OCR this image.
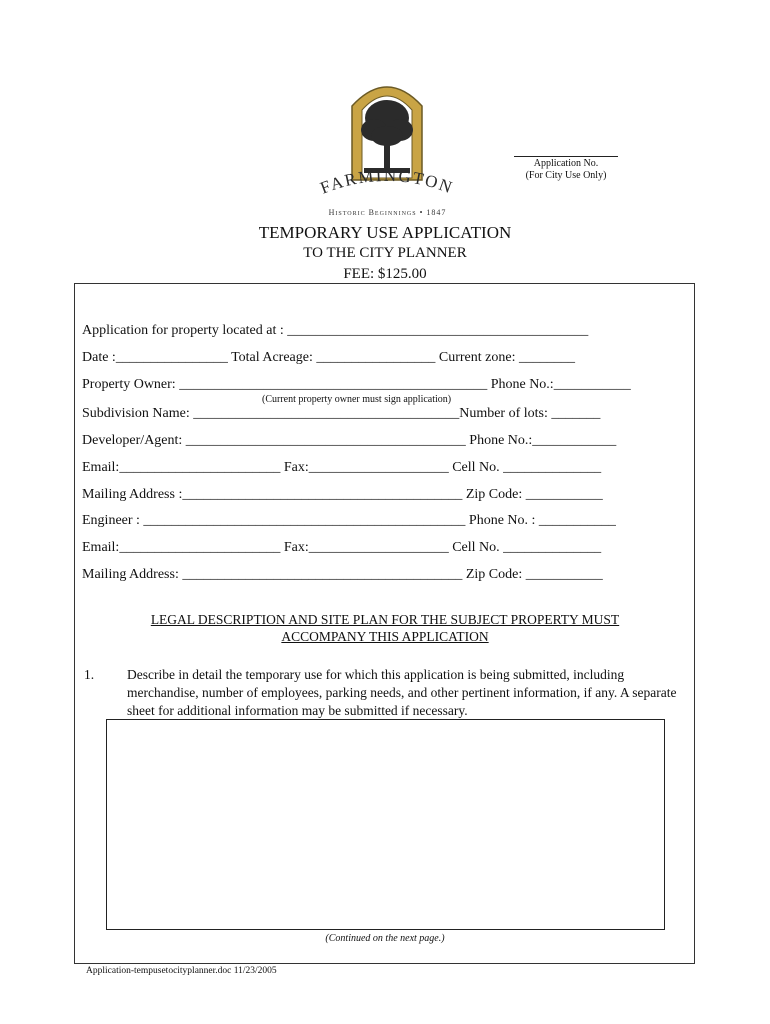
FARMINGTON
Historic Beginnings • 1847
Application No.
(For City Use Only)
TEMPORARY USE APPLICATION
TO THE CITY PLANNER
FEE: $125.00
Application for property located at : ___________________________________________
Date :________________ Total Acreage: _________________ Current zone: ________
Property Owner: ____________________________________________ Phone No.:___________
(Current property owner must sign application)
Subdivision Name: ______________________________________Number of lots: _______
Developer/Agent: ________________________________________ Phone No.:____________
Email:_______________________ Fax:____________________ Cell No. ______________
Mailing Address :________________________________________ Zip Code: ___________
Engineer : ______________________________________________ Phone No. : ___________
Email:_______________________ Fax:____________________ Cell No. ______________
Mailing Address: ________________________________________ Zip Code: ___________
LEGAL DESCRIPTION AND SITE PLAN FOR THE SUBJECT PROPERTY MUST
ACCOMPANY THIS APPLICATION
1. Describe in detail the temporary use for which this application is being submitted, including merchandise, number of employees, parking needs, and other pertinent information, if any. A separate sheet for additional information may be submitted if necessary.
(Continued on the next page.)
Application-tempusetocityplanner.doc 11/23/2005
